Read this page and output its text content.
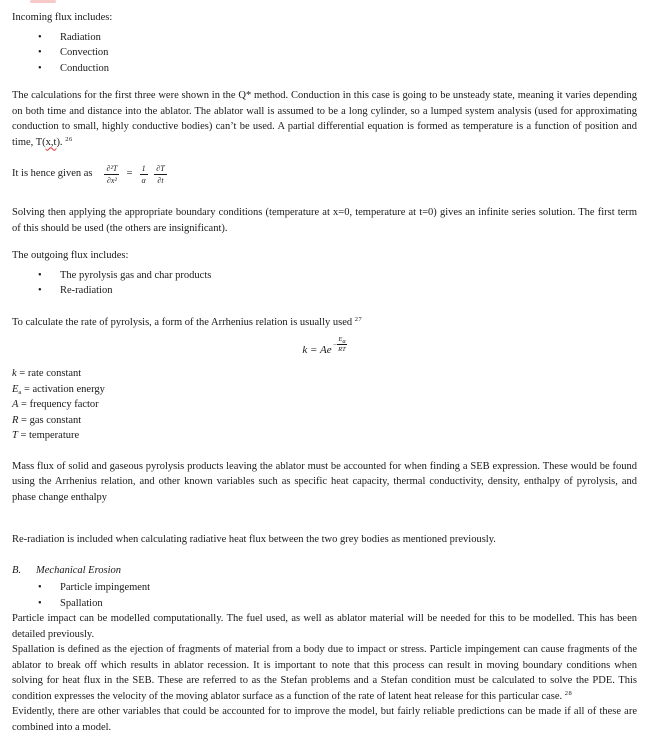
Incoming flux includes:

• Radiation
• Convection
• Conduction

The calculations for the first three were shown in the Q* method. Conduction in this case is going to be unsteady state, meaning it varies depending on both time and distance into the ablator. The ablator wall is assumed to be a long cylinder, so a lumped system analysis (used for approximating conduction to small, highly conductive bodies) can’t be used. A partial differential equation is formed as temperature is a function of position and time, T(x,t). $^{26}$

It is hence given as $\frac{\text{∂²T}}{\text{∂x²}} = \frac{1}{\alpha}$
$\frac{\partial T}{\partial t}$

Solving then applying the appropriate boundary conditions (temperature at x=0, temperature at t=0) gives an infinite series solution. The first term of this should be used (the others are insignificant).

The outgoing flux includes:

• The pyrolysis gas and char products
• Re-radiation

To calculate the rate of pyrolysis, a form of the Arrhenius relation is usually used $^{27}$

$k = Ae - \frac{E_a}{RT}$
k = rate constant
$E_a$ = activation energy
A = frequency factor
R = gas constant
T = temperature

Mass flux of solid and gaseous pyrolysis products leaving the ablator must be accounted for when finding a SEB expression. These would be found using the Arrhenius relation, and other known variables such as specific heat capacity, thermal conductivity, density, enthalpy of pyrolysis, and phase change enthalpy

Re-radiation is included when calculating radiative heat flux between the two grey bodies as mentioned previously.

B. Mechanical Erosion

• Particle impingement
• Spallation

Particle impact can be modelled computationally. The fuel used, as well as ablator material will be needed for this to be modelled. This has been detailed previously.

Spallation is defined as the ejection of fragments of material from a body due to impact or stress. Particle impingement can cause fragments of the ablator to break off which results in ablator recession. It is important to note that this process can result in moving boundary conditions when solving for heat flux in the SEB. These are referred to as the Stefan problems and a Stefan condition must be calculated to solve the PDE. This condition expresses the velocity of the moving ablator surface as a function of the rate of latent heat release for this particular case. $^{28}$

Evidently, there are other variables that could be accounted for to improve the model, but fairly reliable predictions can be made if all of these are combined into a model.
